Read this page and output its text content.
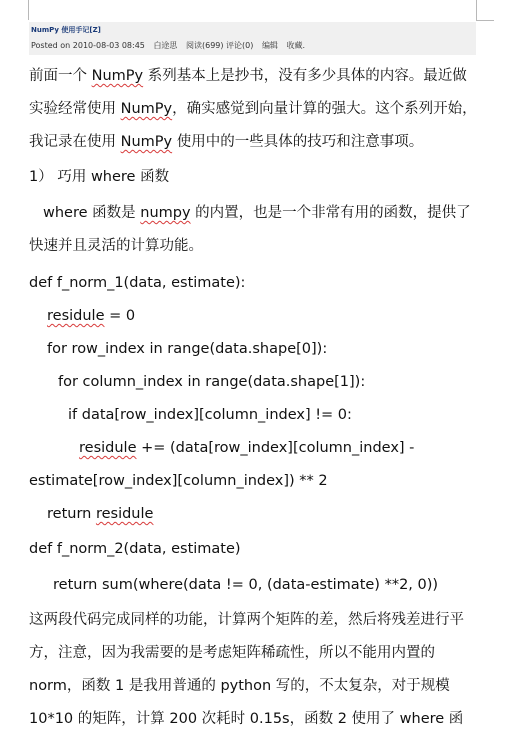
NumPy 使用手记[Z]
Posted on 2010-08-03 08:45 白途思 阅读(699) 评论(0) 编辑 收藏.

前面一个 NumPy 系列基本上是抄书，没有多少具体的内容。最近做

实验经常使用 NumPy，确实感觉到向量计算的强大。这个系列开始，

我记录在使用 NumPy 使用中的一些具体的技巧和注意事项。

1） 巧用 where 函数

where 函数是 numpy 的内置，也是一个非常有用的函数，提供了

快速并且灵活的计算功能。

def f_norm_1(data, estimate):

residule = 0

for row_index in range(data.shape[0]):

for column_index in range(data.shape[1]):

if data[row_index][column_index] != 0:

residule += (data[row_index][column_index] -

estimate[row_index][column_index]) ** 2

return residule

def f_norm_2(data, estimate)

return sum(where(data != 0, (data-estimate) **2, 0))

这两段代码完成同样的功能，计算两个矩阵的差，然后将残差进行平

方，注意，因为我需要的是考虑矩阵稀疏性，所以不能用内置的

norm，函数 1 是我用普通的 python 写的，不太复杂，对于规模

10*10 的矩阵，计算 200 次耗时 0.15s，函数 2 使用了 where 函
